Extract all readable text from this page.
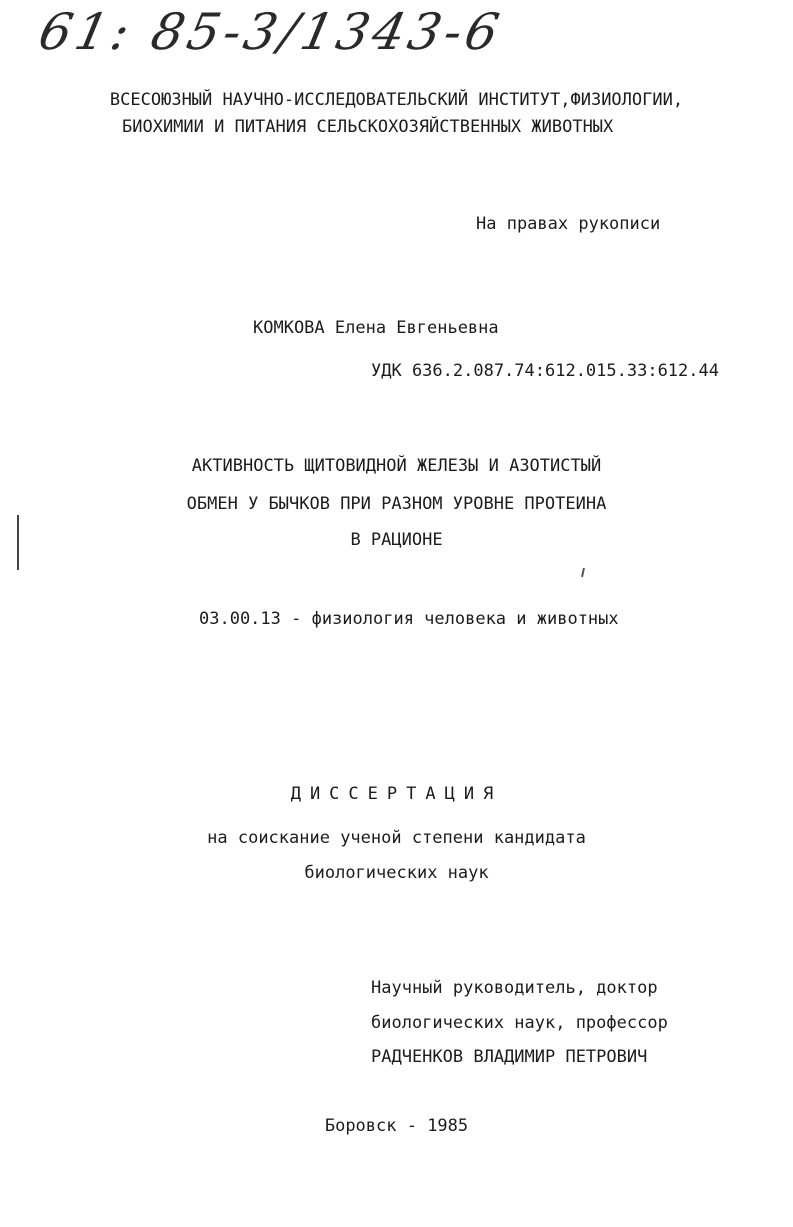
61: 85-3/1343-6
ВСЕСОЮЗНЫЙ НАУЧНО-ИССЛЕДОВАТЕЛЬСКИЙ ИНСТИТУТ,ФИЗИОЛОГИИ,
БИОХИМИИ И ПИТАНИЯ СЕЛЬСКОХОЗЯЙСТВЕННЫХ ЖИВОТНЫХ
На правах рукописи
КОМКОВА Елена Евгеньевна
УДК 636.2.087.74:612.015.33:612.44
АКТИВНОСТЬ ЩИТОВИДНОЙ ЖЕЛЕЗЫ И АЗОТИСТЫЙ
ОБМЕН У БЫЧКОВ ПРИ РАЗНОМ УРОВНЕ ПРОТЕИНА
В РАЦИОНЕ
03.00.13 - физиология человека и животных
ДИССЕРТАЦИЯ
на соискание ученой степени кандидата
биологических наук
Научный руководитель, доктор
биологических наук, профессор
РАДЧЕНКОВ ВЛАДИМИР ПЕТРОВИЧ
Боровск - 1985
